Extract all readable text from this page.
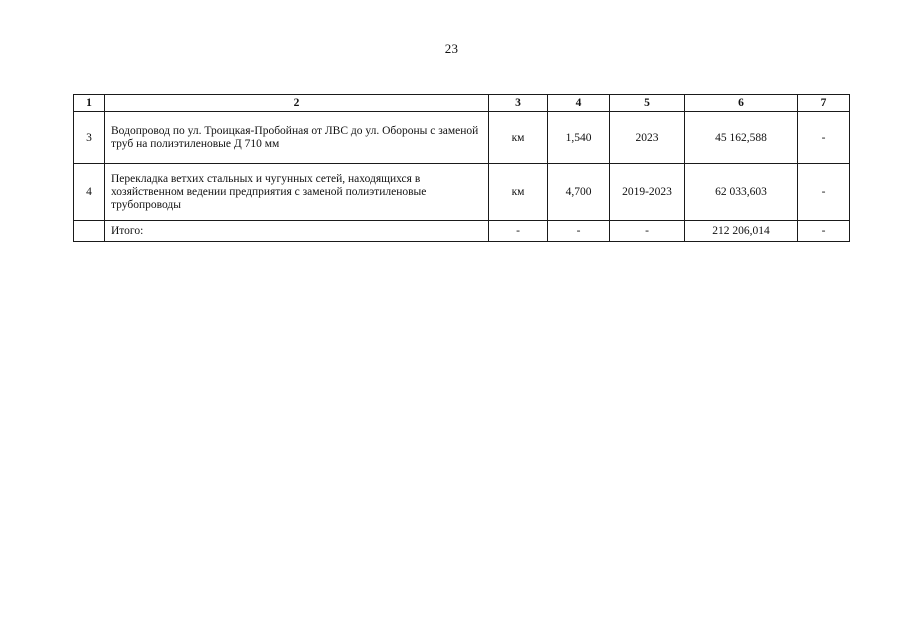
23
1	2	3	4	5	6	7
3	Водопровод по ул. Троицкая-Пробойная от ЛВС до ул. Обороны с заменой труб на полиэтиленовые Д 710 мм	км	1,540	2023	45 162,588	-
4	Перекладка ветхих стальных и чугунных сетей, находящихся в хозяйственном ведении предприятия с заменой полиэтиленовые трубопроводы	км	4,700	2019-2023	62 033,603	-
	Итого:	-	-	-	212 206,014	-
